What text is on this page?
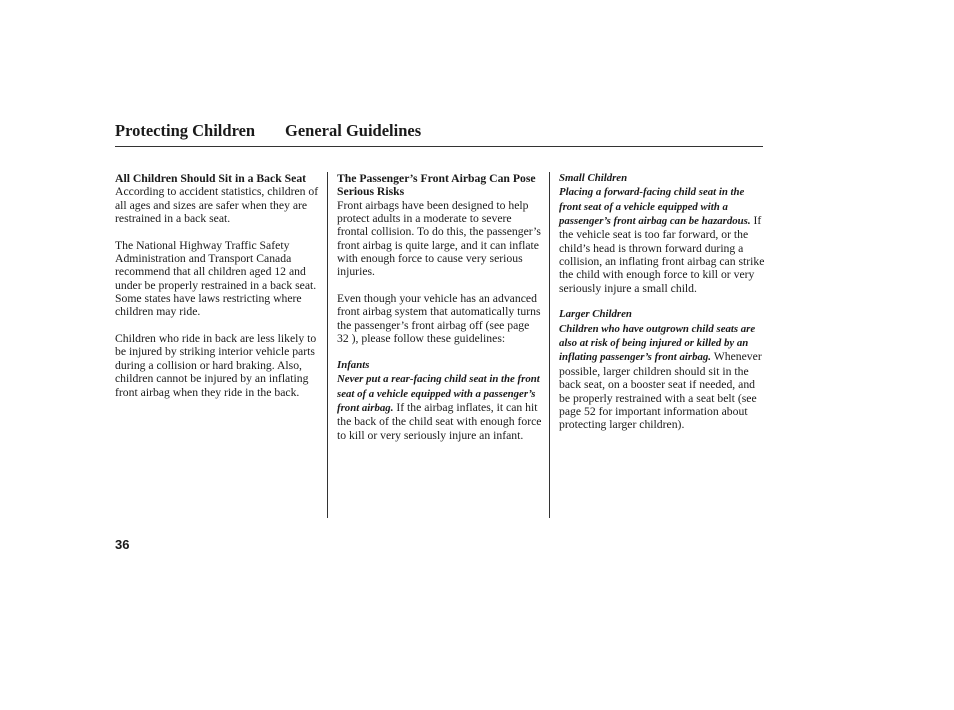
Protecting Children General Guidelines

All Children Should Sit in a Back Seat
According to accident statistics, children of all ages and sizes are safer when they are restrained in a back seat.

The National Highway Traffic Safety Administration and Transport Canada recommend that all children aged 12 and under be properly restrained in a back seat. Some states have laws restricting where children may ride.

Children who ride in back are less likely to be injured by striking interior vehicle parts during a collision or hard braking. Also, children cannot be injured by an inflating front airbag when they ride in the back.

The Passenger’s Front Airbag Can Pose Serious Risks
Front airbags have been designed to help protect adults in a moderate to severe frontal collision. To do this, the passenger’s front airbag is quite large, and it can inflate with enough force to cause very serious injuries.

Even though your vehicle has an advanced front airbag system that automatically turns the passenger’s front airbag off (see page 32 ), please follow these guidelines:

Infants
Never put a rear-facing child seat in the front seat of a vehicle equipped with a passenger’s front airbag. If the airbag inflates, it can hit the back of the child seat with enough force to kill or very seriously injure an infant.

Small Children
Placing a forward-facing child seat in the front seat of a vehicle equipped with a passenger’s front airbag can be hazardous. If the vehicle seat is too far forward, or the child’s head is thrown forward during a collision, an inflating front airbag can strike the child with enough force to kill or very seriously injure a small child.

Larger Children
Children who have outgrown child seats are also at risk of being injured or killed by an inflating passenger’s front airbag. Whenever possible, larger children should sit in the back seat, on a booster seat if needed, and be properly restrained with a seat belt (see page 52 for important information about protecting larger children).

36
